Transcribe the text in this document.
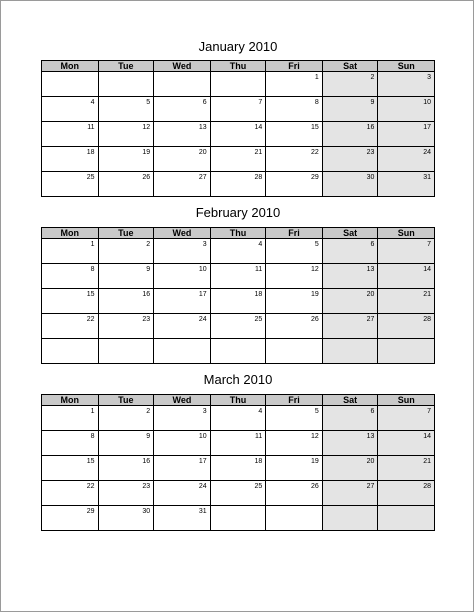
January 2010
Mon	Tue	Wed	Thu	Fri	Sat	Sun

				1	2	3

4	5	6	7	8	9	10

11	12	13	14	15	16	17

18	19	20	21	22	23	24

25	26	27	28	29	30	31
February 2010
Mon	Tue	Wed	Thu	Fri	Sat	Sun

1	2	3	4	5	6	7

8	9	10	11	12	13	14

15	16	17	18	19	20	21

22	23	24	25	26	27	28

March 2010
Mon	Tue	Wed	Thu	Fri	Sat	Sun

1	2	3	4	5	6	7

8	9	10	11	12	13	14

15	16	17	18	19	20	21

22	23	24	25	26	27	28

29	30	31				
